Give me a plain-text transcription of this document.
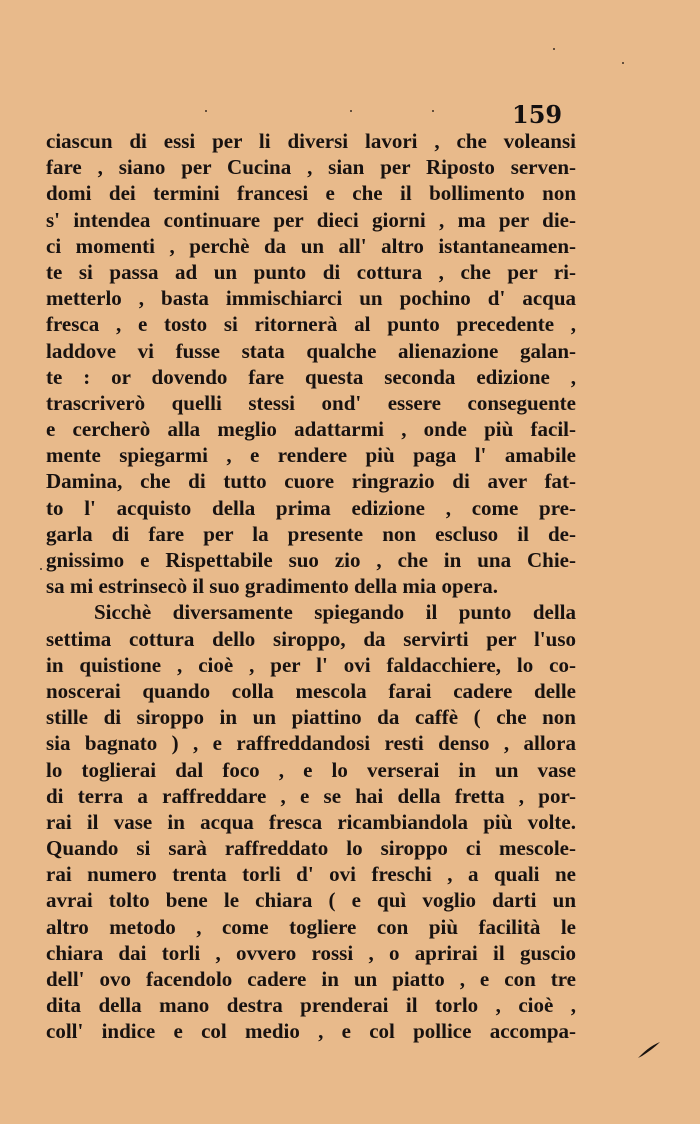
159
ciascun di essi per li diversi lavori , che voleansi
fare , siano per Cucina , sian per Riposto serven-
domi dei termini francesi e che il bollimento non
s' intendea continuare per dieci giorni , ma per die-
ci momenti , perchè da un all' altro istantaneamen-
te si passa ad un punto di cottura , che per ri-
metterlo , basta immischiarci un pochino d' acqua
fresca , e tosto si ritornerà al punto precedente ,
laddove vi fusse stata qualche alienazione galan-
te : or dovendo fare questa seconda edizione ,
trascriverò quelli stessi ond' essere conseguente
e cercherò alla meglio adattarmi , onde più facil-
mente spiegarmi , e rendere più paga l' amabile
Damina, che di tutto cuore ringrazio di aver fat-
to l' acquisto della prima edizione , come pre-
garla di fare per la presente non escluso il de-
gnissimo e Rispettabile suo zio , che in una Chie-
sa mi estrinsecò il suo gradimento della mia opera.
Sicchè diversamente spiegando il punto della
settima cottura dello siroppo, da servirti per l'uso
in quistione , cioè , per l' ovi faldacchiere, lo co-
noscerai quando colla mescola farai cadere delle
stille di siroppo in un piattino da caffè ( che non
sia bagnato ) , e raffreddandosi resti denso , allora
lo toglierai dal foco , e lo verserai in un vase
di terra a raffreddare , e se hai della fretta , por-
rai il vase in acqua fresca ricambiandola più volte.
Quando si sarà raffreddato lo siroppo ci mescole-
rai numero trenta torli d' ovi freschi , a quali ne
avrai tolto bene le chiara ( e quì voglio darti un
altro metodo , come togliere con più facilità le
chiara dai torli , ovvero rossi , o aprirai il guscio
dell' ovo facendolo cadere in un piatto , e con tre
dita della mano destra prenderai il torlo , cioè ,
coll' indice e col medio , e col pollice accompa-
